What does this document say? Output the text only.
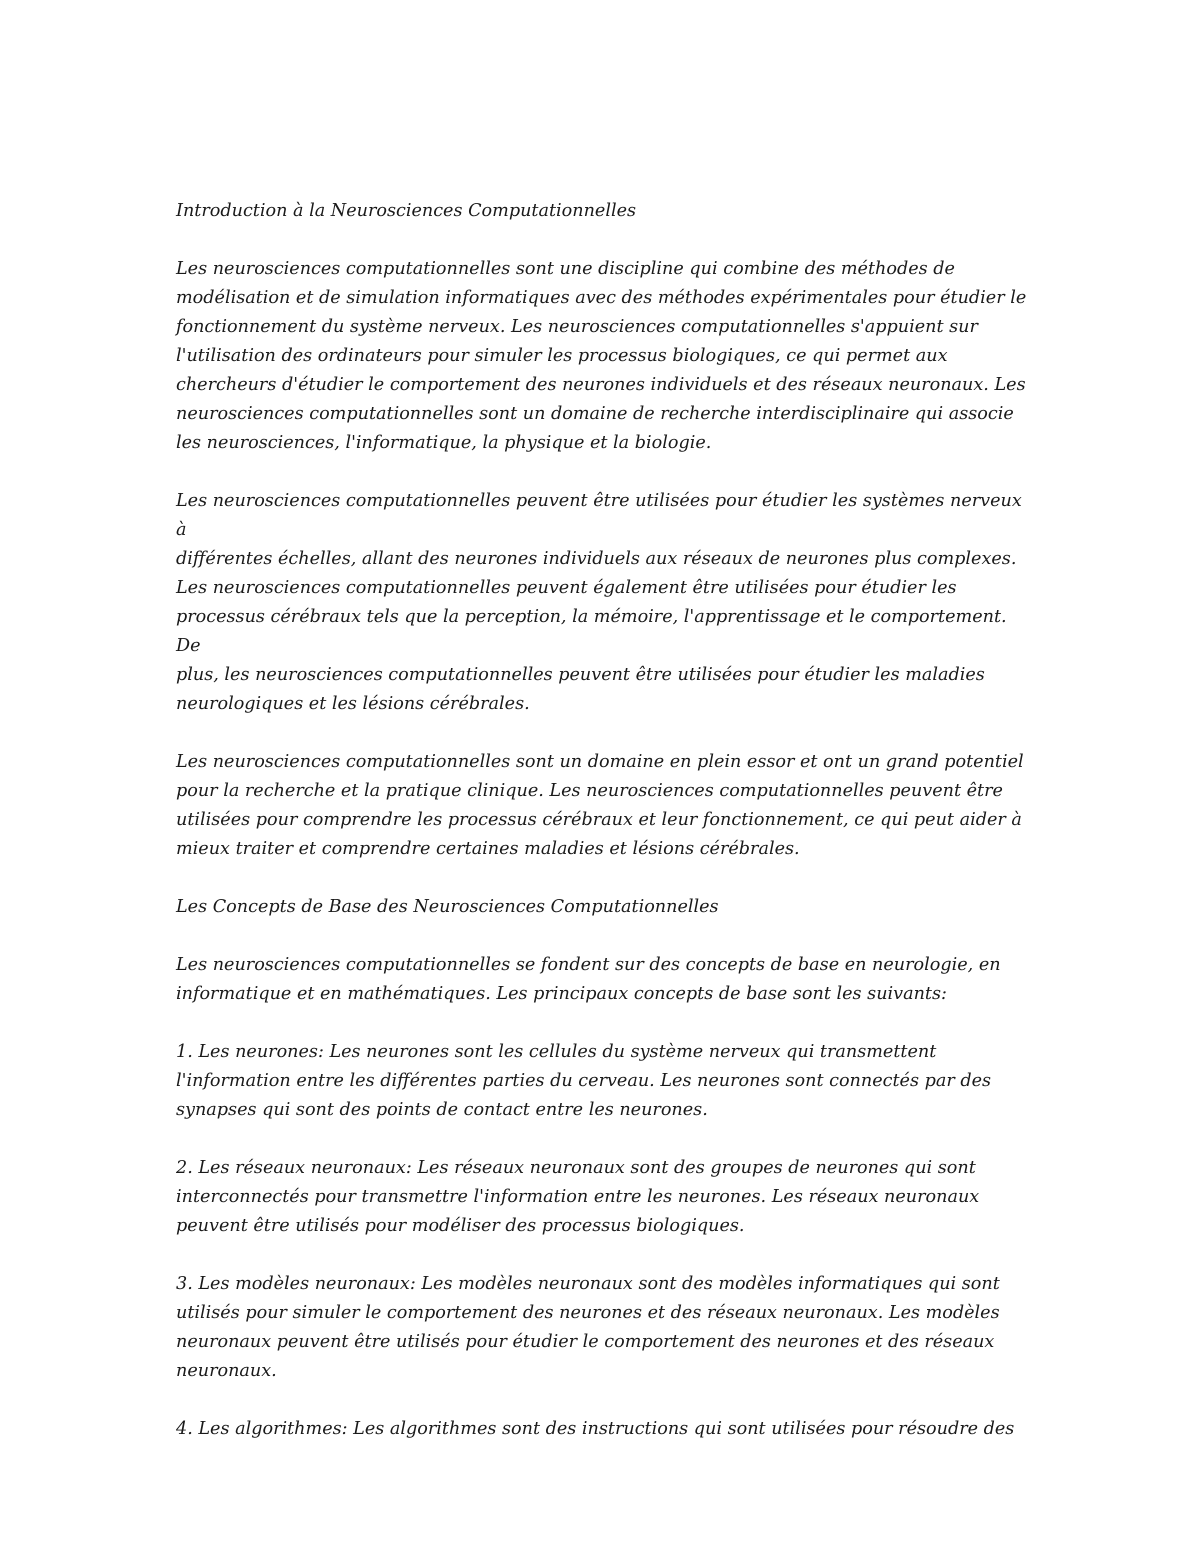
Introduction à la Neurosciences Computationnelles

Les neurosciences computationnelles sont une discipline qui combine des méthodes de
modélisation et de simulation informatiques avec des méthodes expérimentales pour étudier le
fonctionnement du système nerveux. Les neurosciences computationnelles s'appuient sur
l'utilisation des ordinateurs pour simuler les processus biologiques, ce qui permet aux
chercheurs d'étudier le comportement des neurones individuels et des réseaux neuronaux. Les
neurosciences computationnelles sont un domaine de recherche interdisciplinaire qui associe
les neurosciences, l'informatique, la physique et la biologie.

Les neurosciences computationnelles peuvent être utilisées pour étudier les systèmes nerveux à
différentes échelles, allant des neurones individuels aux réseaux de neurones plus complexes.
Les neurosciences computationnelles peuvent également être utilisées pour étudier les
processus cérébraux tels que la perception, la mémoire, l'apprentissage et le comportement. De
plus, les neurosciences computationnelles peuvent être utilisées pour étudier les maladies
neurologiques et les lésions cérébrales.

Les neurosciences computationnelles sont un domaine en plein essor et ont un grand potentiel
pour la recherche et la pratique clinique. Les neurosciences computationnelles peuvent être
utilisées pour comprendre les processus cérébraux et leur fonctionnement, ce qui peut aider à
mieux traiter et comprendre certaines maladies et lésions cérébrales.

Les Concepts de Base des Neurosciences Computationnelles

Les neurosciences computationnelles se fondent sur des concepts de base en neurologie, en
informatique et en mathématiques. Les principaux concepts de base sont les suivants:

1. Les neurones: Les neurones sont les cellules du système nerveux qui transmettent
l'information entre les différentes parties du cerveau. Les neurones sont connectés par des
synapses qui sont des points de contact entre les neurones.

2. Les réseaux neuronaux: Les réseaux neuronaux sont des groupes de neurones qui sont
interconnectés pour transmettre l'information entre les neurones. Les réseaux neuronaux
peuvent être utilisés pour modéliser des processus biologiques.

3. Les modèles neuronaux: Les modèles neuronaux sont des modèles informatiques qui sont
utilisés pour simuler le comportement des neurones et des réseaux neuronaux. Les modèles
neuronaux peuvent être utilisés pour étudier le comportement des neurones et des réseaux
neuronaux.

4. Les algorithmes: Les algorithmes sont des instructions qui sont utilisées pour résoudre des
